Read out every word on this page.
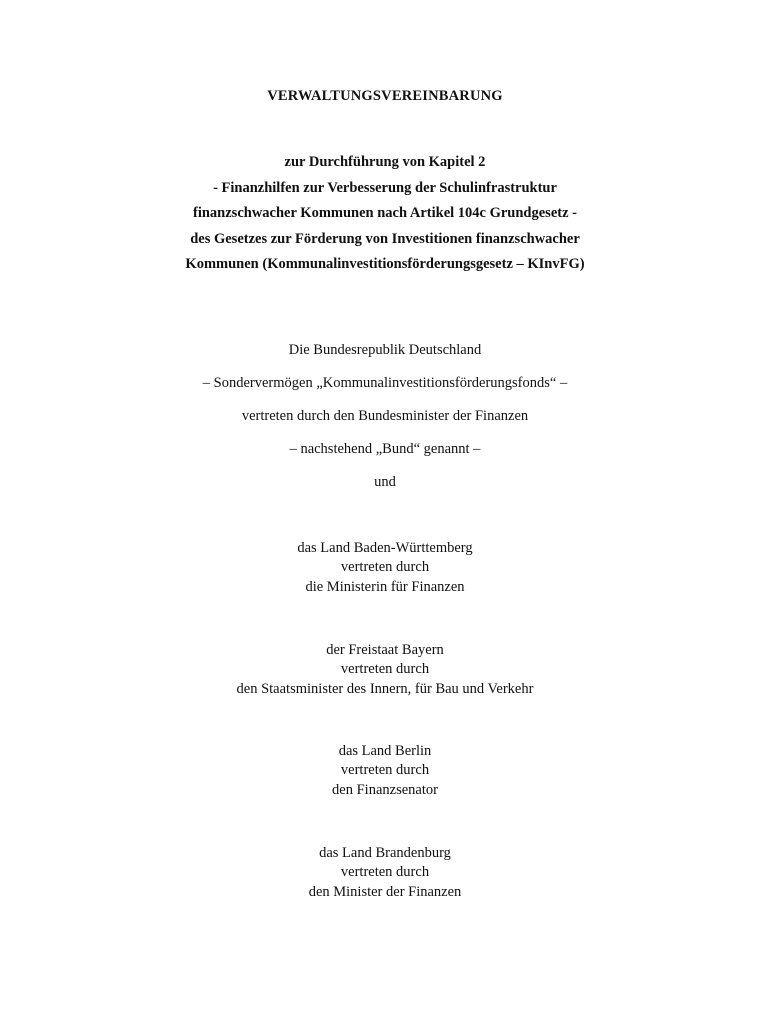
VERWALTUNGSVEREINBARUNG
zur Durchführung von Kapitel 2
- Finanzhilfen zur Verbesserung der Schulinfrastruktur
finanzschwacher Kommunen nach Artikel 104c Grundgesetz -
des Gesetzes zur Förderung von Investitionen finanzschwacher
Kommunen (Kommunalinvestitionsförderungsgesetz – KInvFG)
Die Bundesrepublik Deutschland
– Sondervermögen „Kommunalinvestitionsförderungsfonds“ –
vertreten durch den Bundesminister der Finanzen
– nachstehend „Bund“ genannt –
und
das Land Baden-Württemberg
vertreten durch
die Ministerin für Finanzen
der Freistaat Bayern
vertreten durch
den Staatsminister des Innern, für Bau und Verkehr
das Land Berlin
vertreten durch
den Finanzsenator
das Land Brandenburg
vertreten durch
den Minister der Finanzen
